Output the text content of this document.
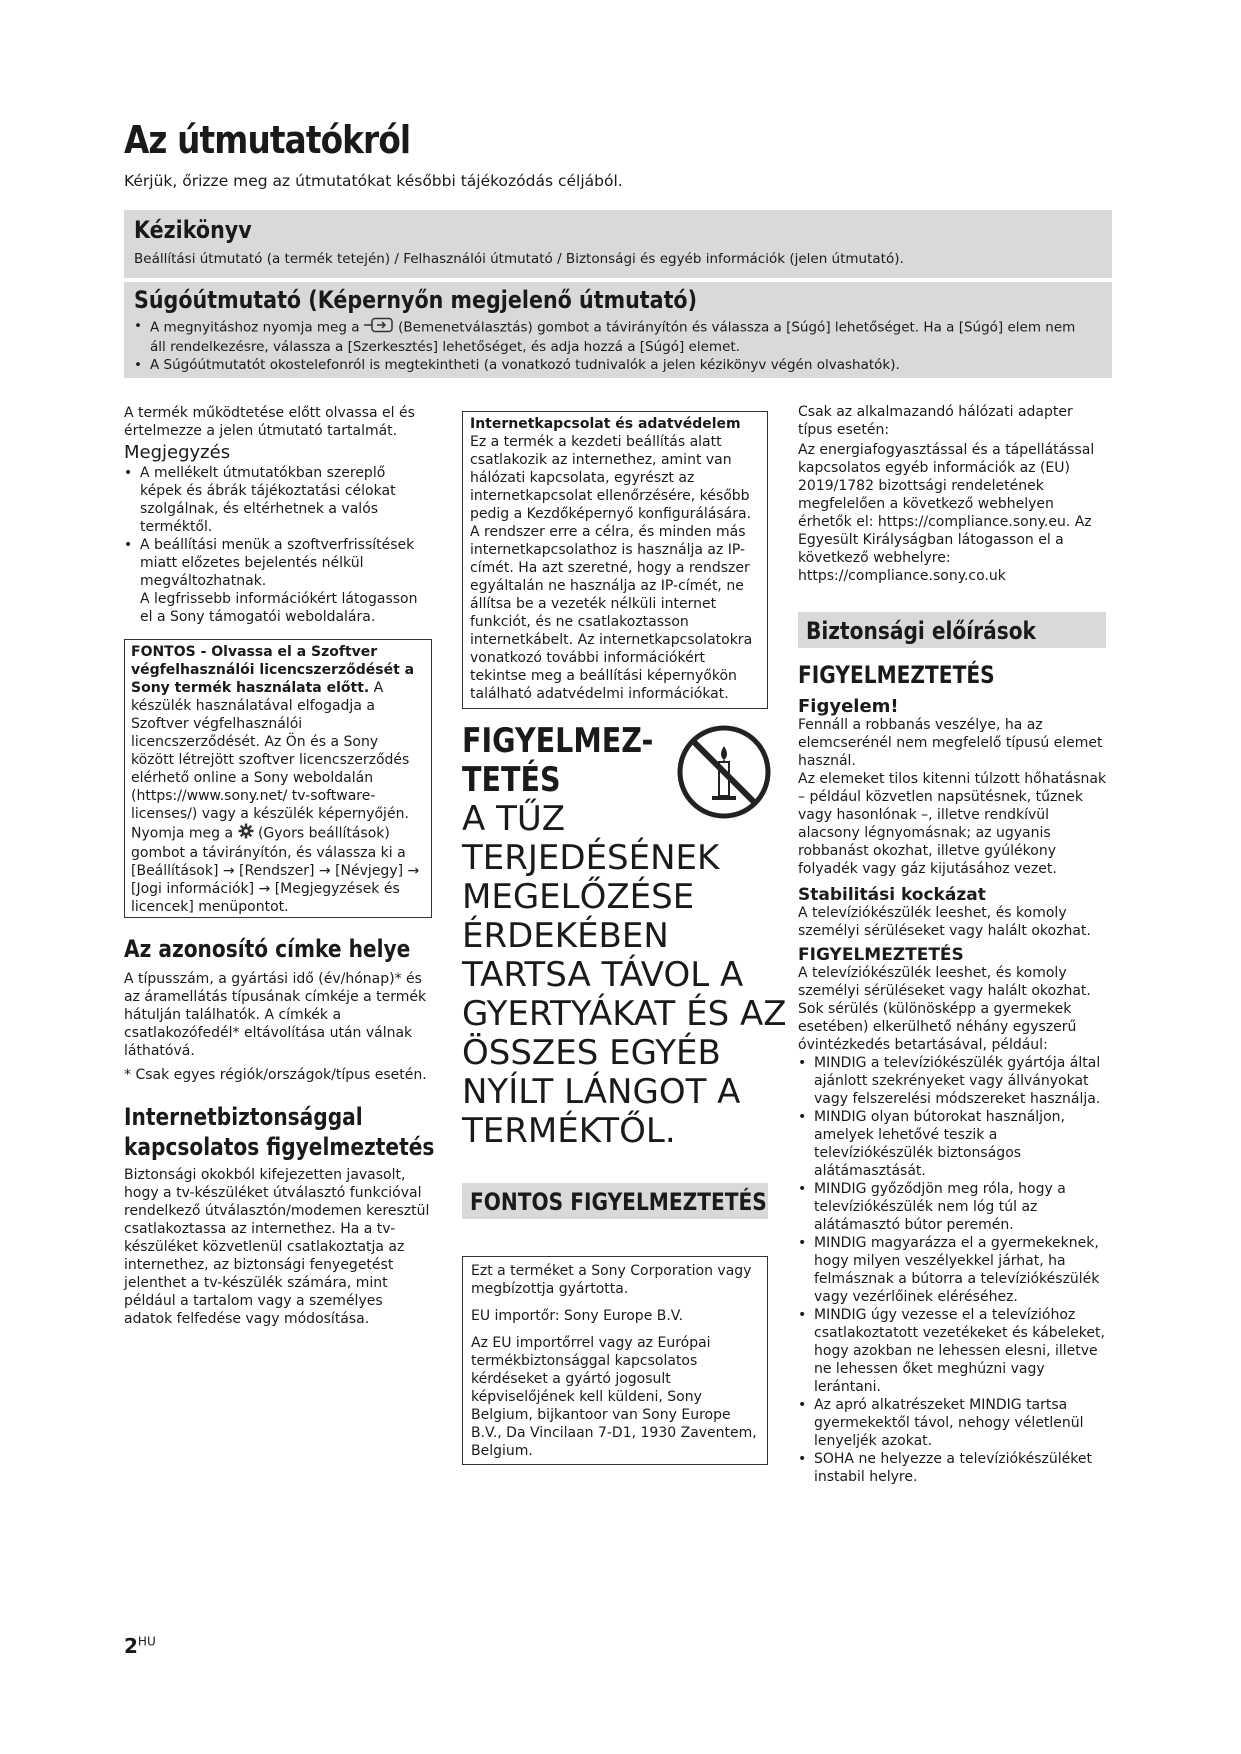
Az útmutatókról
Kérjük, őrizze meg az útmutatókat későbbi tájékozódás céljából.
Kézikönyv
Beállítási útmutató (a termék tetején) / Felhasználói útmutató / Biztonsági és egyéb információk (jelen útmutató).
Súgóútmutató (Képernyőn megjelenő útmutató)
• A megnyitáshoz nyomja meg a	(Bemenetválasztás) gombot a távirányítón és válassza a [Súgó] lehetőséget. Ha a [Súgó] elem nem áll rendelkezésre, válassza a [Szerkesztés] lehetőséget, és adja hozzá a [Súgó] elemet.
• A Súgóútmutatót okostelefonról is megtekintheti (a vonatkozó tudnivalók a jelen kézikönyv végén olvashatók).

A termék működtetése előtt olvassa el és értelmezze a jelen útmutató tartalmát.

Megjegyzés
• A mellékelt útmutatókban szereplő képek és ábrák tájékoztatási célokat szolgálnak, és eltérhetnek a valós terméktől.
• A beállítási menük a szoftverfrissítések miatt előzetes bejelentés nélkül megváltozhatnak.

A legfrissebb információkért látogasson el a Sony támogatói weboldalára.

FONTOS - Olvassa el a Szoftver végfelhasználói licencszerződését a Sony termék használata előtt. A készülék használatával elfogadja a Szoftver végfelhasználói licencszerződését. Az Ön és a Sony között létrejött szoftver licencszerződés elérhető online a Sony weboldalán (https://www.sony.net/ tv-software-licenses/) vagy a készülék képernyőjén. Nyomja meg a (Gyors beállítások) gombot a távirányítón, és válassza ki a [Beállítások] → [Rendszer] → [Névjegy] → [Jogi információk] → [Megjegyzések és licencek] menüpontot.
Az azonosító címke helye

A típusszám, a gyártási idő (év/hónap)* és az áramellátás típusának címkéje a termék hátulján találhatók. A címkék a csatlakozófedél* eltávolítása után válnak láthatóvá.

* Csak egyes régiók/országok/típus esetén.

Internetbiztonsággal
kapcsolatos figyelmeztetés

Biztonsági okokból kifejezetten javasolt, hogy a tv-készüléket útválasztó funkcióval rendelkező útválasztón/modemen keresztül csatlakoztassa az internethez. Ha a tv-készüléket közvetlenül csatlakoztatja az internethez, az biztonsági fenyegetést jelenthet a tv-készülék számára, mint például a tartalom vagy a személyes adatok felfedése vagy módosítása.

Internetkapcsolat és adatvédelem
Ez a termék a kezdeti beállítás alatt csatlakozik az internethez, amint van hálózati kapcsolata, egyrészt az internetkapcsolat ellenőrzésére, később pedig a Kezdőképernyő konfigurálására. A rendszer erre a célra, és minden más internetkapcsolathoz is használja az IP-címét. Ha azt szeretné, hogy a rendszer egyáltalán ne használja az IP-címét, ne állítsa be a vezeték nélküli internet funkciót, és ne csatlakoztasson internetkábelt. Az internetkapcsolatokra vonatkozó további információkért tekintse meg a beállítási képernyőkön található adatvédelmi információkat.
FIGYELMEZ-
TETÉS
A TŰZ
TERJEDÉSÉNEK
MEGELŐZÉSE
ÉRDEKÉBEN
TARTSA TÁVOL A
GYERTYÁKAT ÉS AZ
ÖSSZES EGYÉB
NYÍLT LÁNGOT A
TERMÉKTŐL.
FONTOS FIGYELMEZTETÉS
Ezt a terméket a Sony Corporation vagy megbízottja gyártotta.
EU importőr: Sony Europe B.V.
Az EU importőrrel vagy az Európai termékbiztonsággal kapcsolatos kérdéseket a gyártó jogosult képviselőjének kell küldeni, Sony Belgium, bijkantoor van Sony Europe B.V., Da Vincilaan 7-D1, 1930 Zaventem, Belgium.

Csak az alkalmazandó hálózati adapter típus esetén:

Az energiafogyasztással és a tápellátással kapcsolatos egyéb információk az (EU) 2019/1782 bizottsági rendeletének megfelelően a következő webhelyen érhetők el: https://compliance.sony.eu. Az Egyesült Királyságban látogasson el a következő webhelyre: https://compliance.sony.co.uk

Biztonsági előírások
FIGYELMEZTETÉS
Figyelem!

Fennáll a robbanás veszélye, ha az elemcserénél nem megfelelő típusú elemet használ.

Az elemeket tilos kitenni túlzott hőhatásnak – például közvetlen napsütésnek, tűznek vagy hasonlónak –, illetve rendkívül alacsony légnyomásnak; az ugyanis robbanást okozhat, illetve gyúlékony folyadék vagy gáz kijutásához vezet.

Stabilitási kockázat

A televíziókészülék leeshet, és komoly személyi sérüléseket vagy halált okozhat.

FIGYELMEZTETÉS

A televíziókészülék leeshet, és komoly személyi sérüléseket vagy halált okozhat. Sok sérülés (különösképp a gyermekek esetében) elkerülhető néhány egyszerű óvintézkedés betartásával, például:

• MINDIG a televíziókészülék gyártója által ajánlott szekrényeket vagy állványokat vagy felszerelési módszereket használja.
• MINDIG olyan bútorokat használjon, amelyek lehetővé teszik a televíziókészülék biztonságos alátámasztását.
• MINDIG győződjön meg róla, hogy a televíziókészülék nem lóg túl az alátámasztó bútor peremén.
• MINDIG magyarázza el a gyermekeknek, hogy milyen veszélyekkel járhat, ha felmásznak a bútorra a televíziókészülék vagy vezérlőinek eléréséhez.
• MINDIG úgy vezesse el a televízióhoz csatlakoztatott vezetékeket és kábeleket, hogy azokban ne lehessen elesni, illetve ne lehessen őket meghúzni vagy lerántani.
• Az apró alkatrészeket MINDIG tartsa gyermekektől távol, nehogy véletlenül lenyeljék azokat.
• SOHA ne helyezze a televíziókészüléket instabil helyre.
$2^{HU}$
